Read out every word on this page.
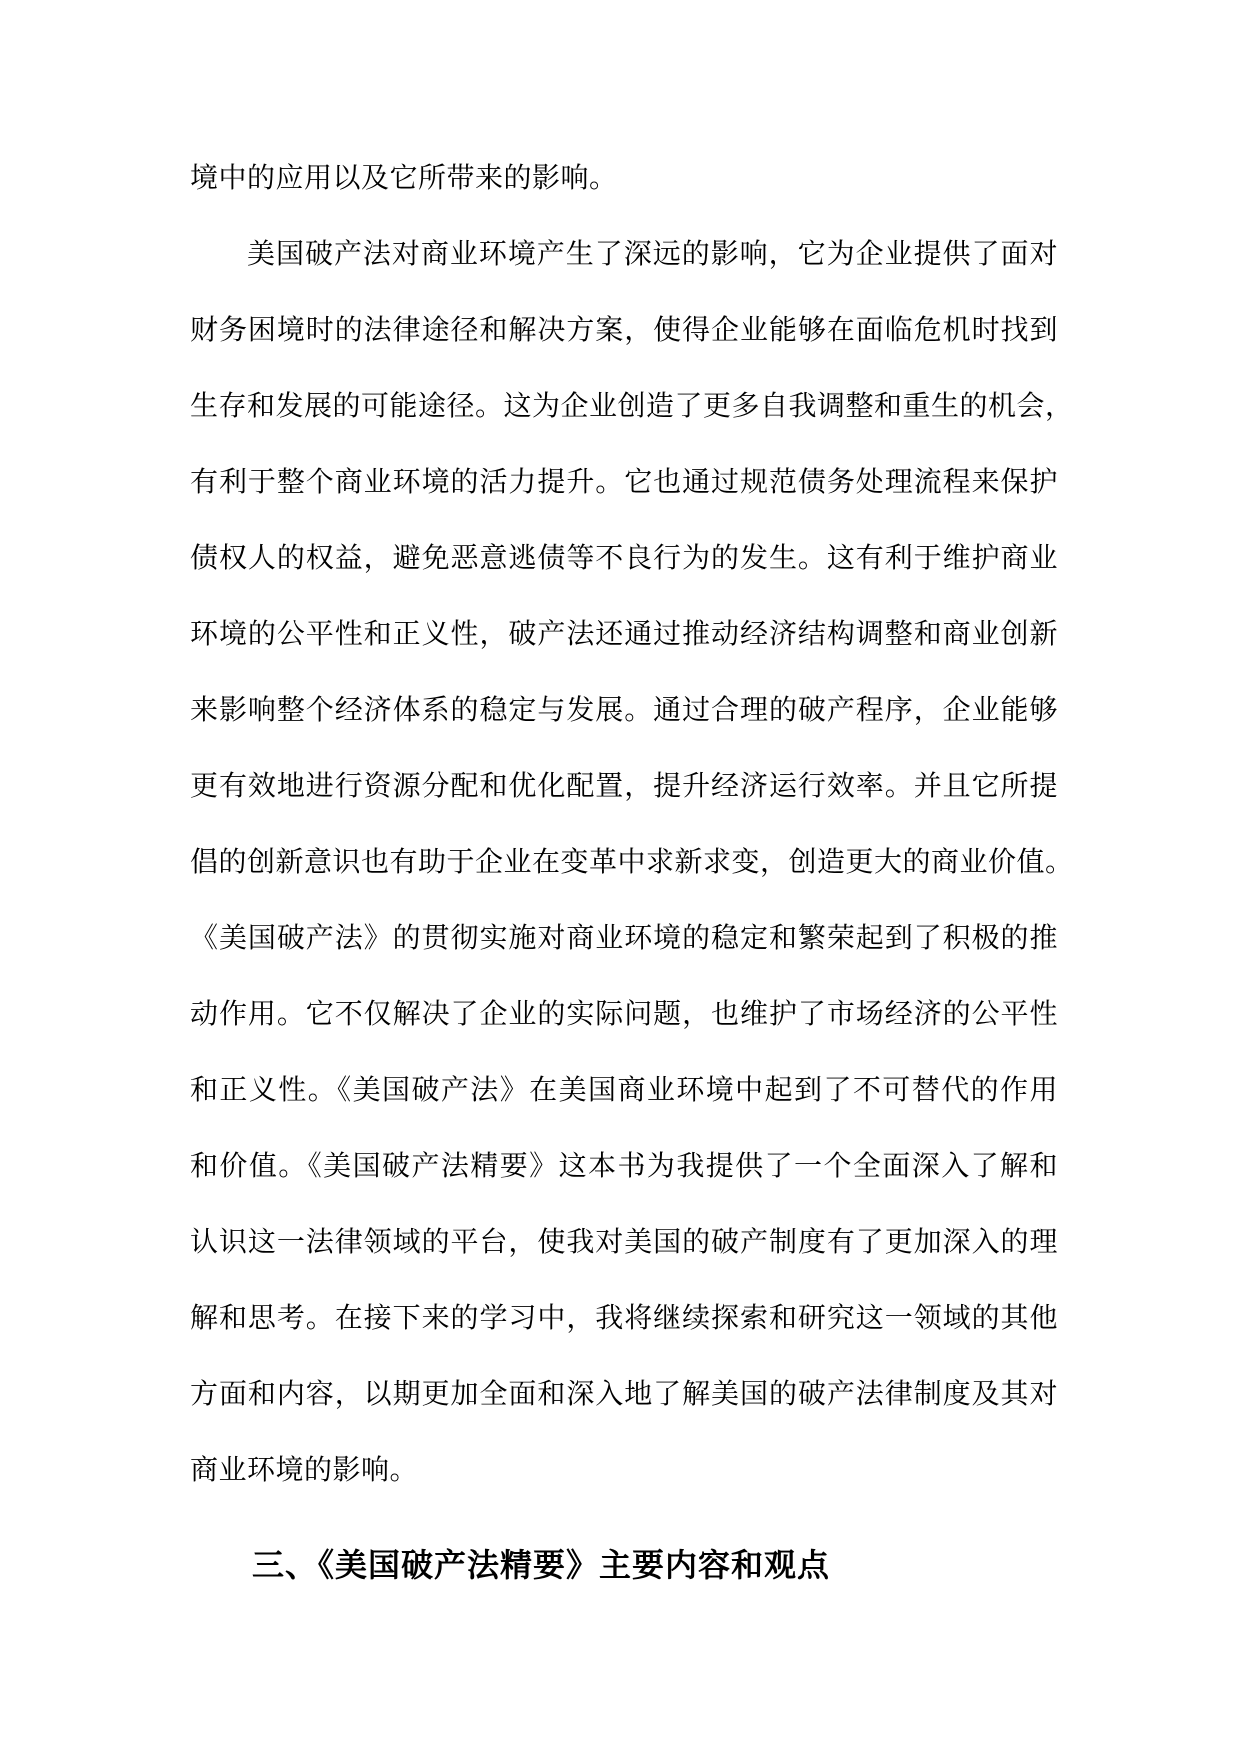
境中的应用以及它所带来的影响。
美国破产法对商业环境产生了深远的影响，它为企业提供了面对
财务困境时的法律途径和解决方案，使得企业能够在面临危机时找到
生存和发展的可能途径。这为企业创造了更多自我调整和重生的机会，
有利于整个商业环境的活力提升。它也通过规范债务处理流程来保护
债权人的权益，避免恶意逃债等不良行为的发生。这有利于维护商业
环境的公平性和正义性，破产法还通过推动经济结构调整和商业创新
来影响整个经济体系的稳定与发展。通过合理的破产程序，企业能够
更有效地进行资源分配和优化配置，提升经济运行效率。并且它所提
倡的创新意识也有助于企业在变革中求新求变，创造更大的商业价值。
《美国破产法》的贯彻实施对商业环境的稳定和繁荣起到了积极的推
动作用。它不仅解决了企业的实际问题，也维护了市场经济的公平性
和正义性。《美国破产法》在美国商业环境中起到了不可替代的作用
和价值。《美国破产法精要》这本书为我提供了一个全面深入了解和
认识这一法律领域的平台，使我对美国的破产制度有了更加深入的理
解和思考。在接下来的学习中，我将继续探索和研究这一领域的其他
方面和内容，以期更加全面和深入地了解美国的破产法律制度及其对
商业环境的影响。
三、《美国破产法精要》主要内容和观点
